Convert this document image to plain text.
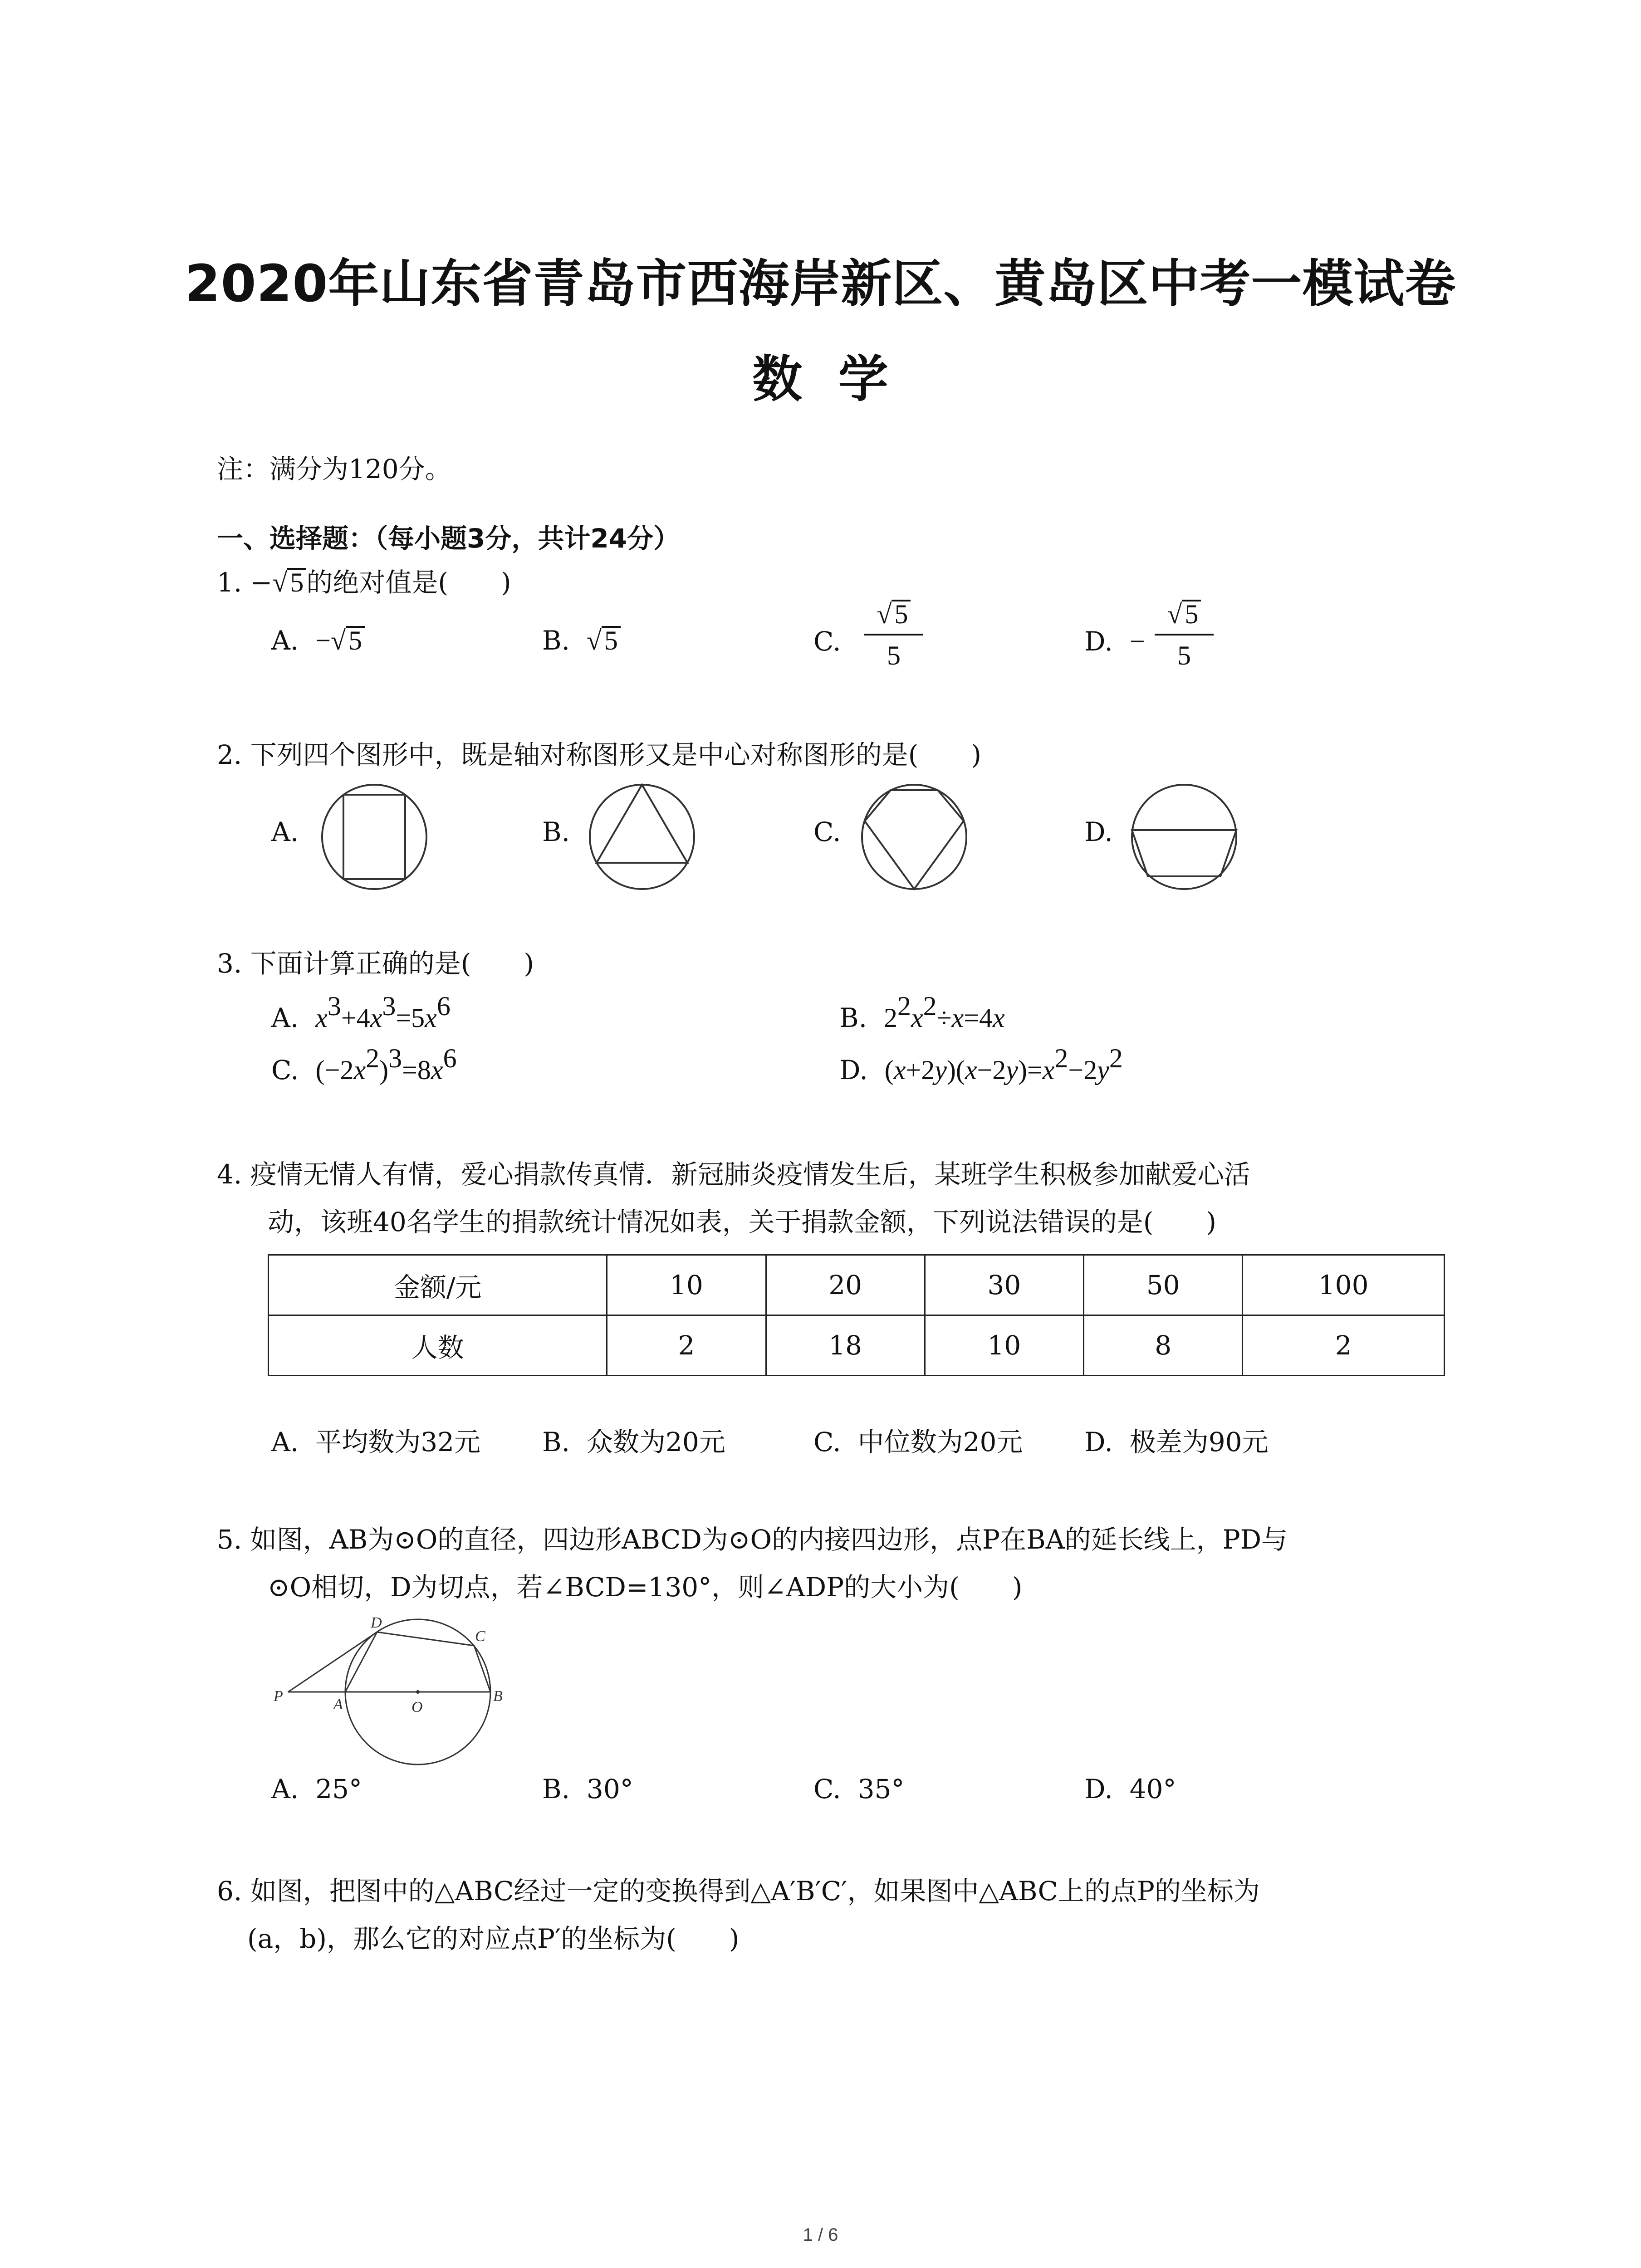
2020年山东省青岛市西海岸新区、黄岛区中考一模试卷
数  学
注：满分为120分。
一、选择题：（每小题3分，共计24分）
1. −√ 5 的绝对值是(　　)
A. −√ 5	B. √ 5	C. $\frac{√ 5}{5}$	D. − $\frac{√ 5}{5}$
2. 下列四个图形中，既是轴对称图形又是中心对称图形的是(　　)
A.	B.	C.	D.
3. 下面计算正确的是(　　)
A. $x^3+4x^3=5x^6$	B. $2^2x^2\div x=4x$
C. $(-2x^2)^3=8x^6$	D. $(x+2y)(x-2y)=x^2-2y^2$
4. 疫情无情人有情，爱心捐款传真情．新冠肺炎疫情发生后，某班学生积极参加献爱心活
动，该班40名学生的捐款统计情况如表，关于捐款金额，下列说法错误的是(　　)
金额/元	10	20	30	50	100
人数	2	18	10	8	2
A.  平均数为32元 B.  众数为20元	C.  中位数为20元 D.  极差为90元
5. 如图，AB为⊙O的直径，四边形ABCD为⊙O的内接四边形，点P在BA的延长线上，PD与
⊙O相切，D为切点，若∠BCD=130°，则∠ADP的大小为(　　)
P	A	O
B
C
D
A.  25°	B.  30°	C.  35°	D.  40°
6. 如图，把图中的△ABC经过一定的变换得到△A′B′C′，如果图中△ABC上的点P的坐标为
(a，b)，那么它的对应点P′的坐标为(　　)
1 / 6
